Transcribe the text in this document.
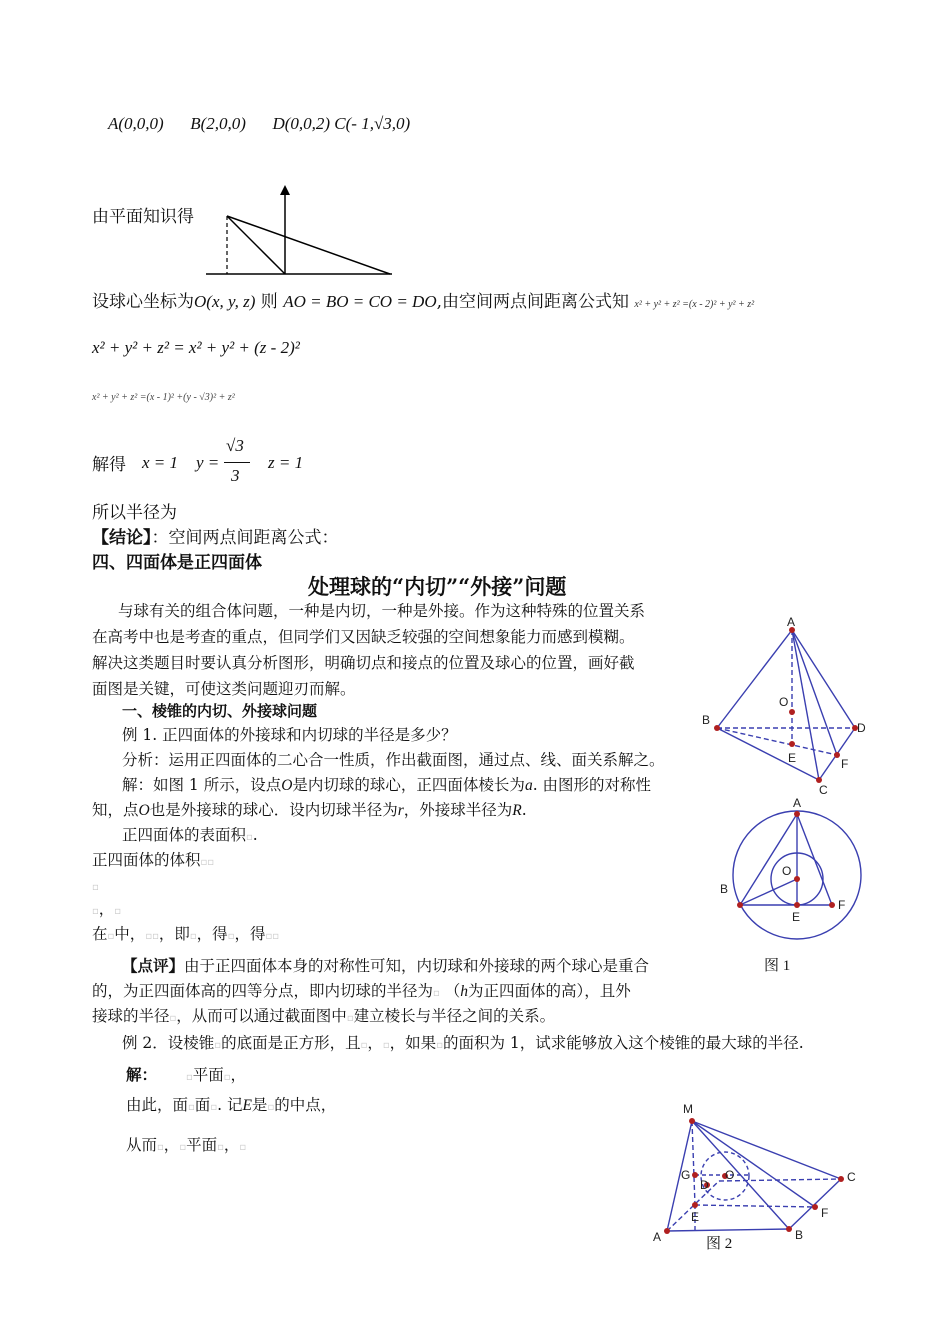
A(0,0,0) B(2,0,0) D(0,0,2) C(- 1,√3,0)
由平面知识得
设球心坐标为O(x, y, z) 则 AO = BO = CO = DO,由空间两点间距离公式知 x² + y² + z² =(x - 2)² + y² + z²
x² + y² + z² = x² + y² + (z - 2)²
x² + y² + z² =(x - 1)² +(y - √3)² + z²
解得 x = 1 y =
√3
3
z = 1
所以半径为
【结论】：空间两点间距离公式：
四、四面体是正四面体
处理球的“内切”“外接”问题
与球有关的组合体问题，一种是内切，一种是外接。作为这种特殊的位置关系
在高考中也是考查的重点，但同学们又因缺乏较强的空间想象能力而感到模糊。
解决这类题目时要认真分析图形，明确切点和接点的位置及球心的位置，画好截
面图是关键，可使这类问题迎刃而解。
一、棱锥的内切、外接球问题
例 1. 正四面体的外接球和内切球的半径是多少？
分析：运用正四面体的二心合一性质，作出截面图，通过点、线、面关系解之。
解：如图 1 所示，设点O是内切球的球心，正四面体棱长为a. 由图形的对称性
知，点O也是外接球的球心．设内切球半径为r，外接球半径为R.
正四面体的表面积▫.
正四面体的体积▫▫
▫
▫，▫
在▫中，▫▫，即▫，得▫，得▫▫
【点评】由于正四面体本身的对称性可知，内切球和外接球的两个球心是重合
的，为正四面体高的四等分点，即内切球的半径为▫ （h为正四面体的高），且外
接球的半径▫，从而可以通过截面图中▫建立棱长与半径之间的关系。
例 2．设棱锥▫的底面是正方形，且▫，▫，如果▫的面积为 1，试求能够放入这个棱锥的最大球的半径.
解：	▫平面▫，
由此，面▫面▫. 记E是▫的中点，
从而▫，▫平面▫，▫
A
B
C
D
E	F
O
A
B
E
F
O
图 1
M
C
G	O
D
F
E
A	B
图 2
